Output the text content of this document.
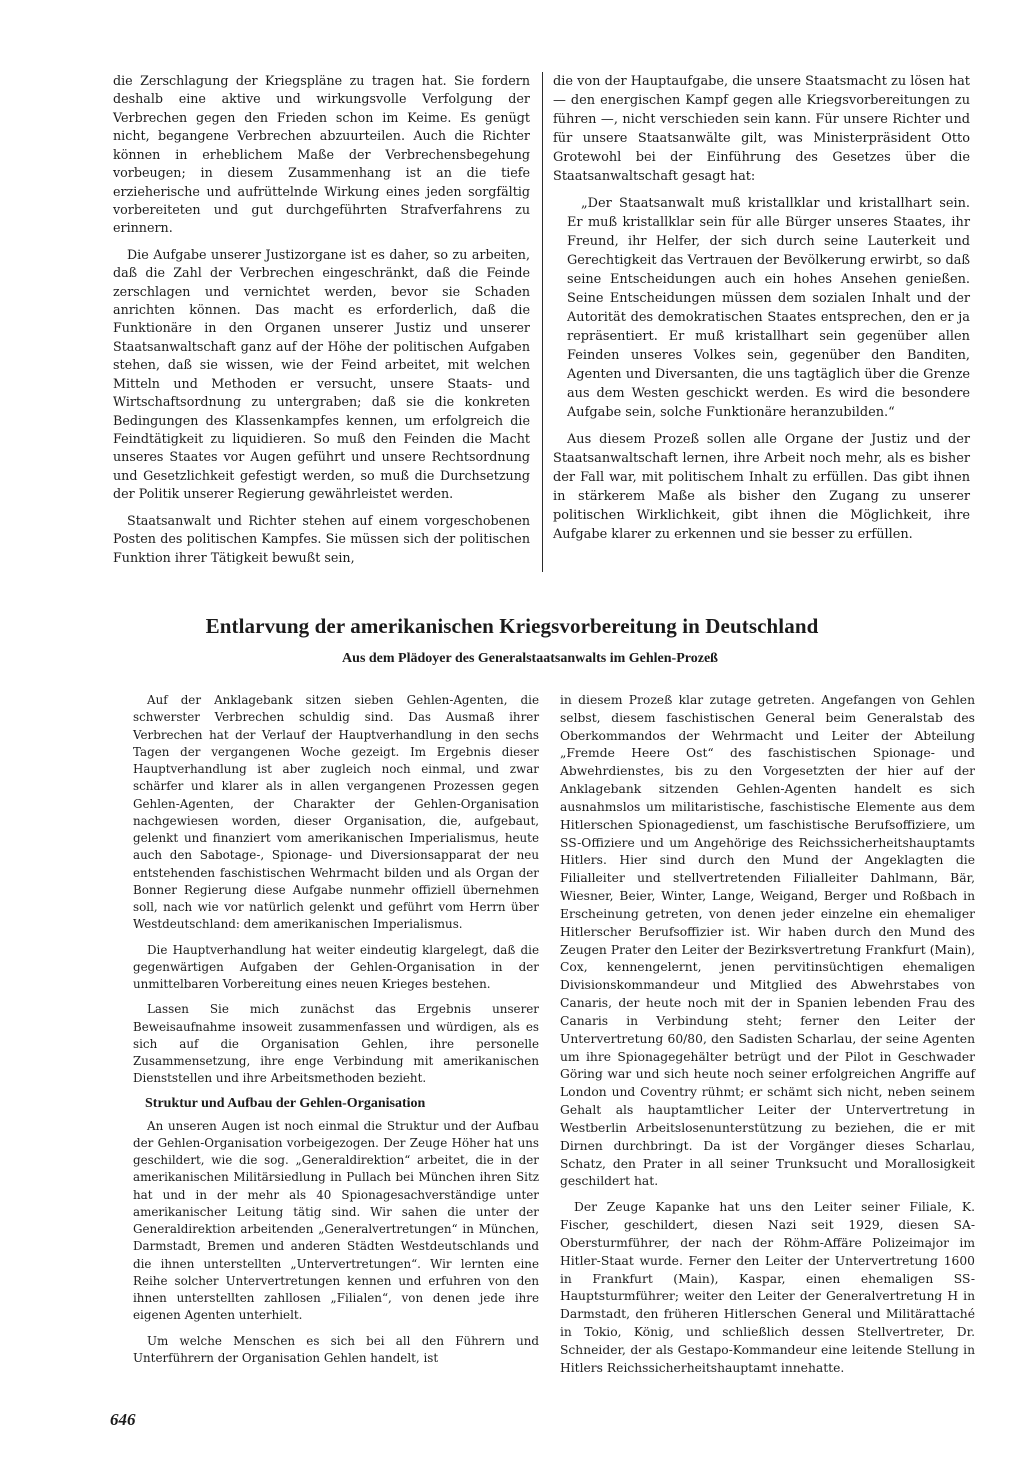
die Zerschlagung der Kriegspläne zu tragen hat. Sie fordern deshalb eine aktive und wirkungsvolle Verfolgung der Verbrechen gegen den Frieden schon im Keime. Es genügt nicht, begangene Verbrechen abzuurteilen. Auch die Richter können in erheblichem Maße der Verbrechensbegehung vorbeugen; in diesem Zusammenhang ist an die tiefe erzieherische und aufrüttelnde Wirkung eines jeden sorgfältig vorbereiteten und gut durchgeführten Strafverfahrens zu erinnern.

Die Aufgabe unserer Justizorgane ist es daher, so zu arbeiten, daß die Zahl der Verbrechen eingeschränkt, daß die Feinde zerschlagen und vernichtet werden, bevor sie Schaden anrichten können. Das macht es erforderlich, daß die Funktionäre in den Organen unserer Justiz und unserer Staatsanwaltschaft ganz auf der Höhe der politischen Aufgaben stehen, daß sie wissen, wie der Feind arbeitet, mit welchen Mitteln und Methoden er versucht, unsere Staats- und Wirtschaftsordnung zu untergraben; daß sie die konkreten Bedingungen des Klassenkampfes kennen, um erfolgreich die Feindtätigkeit zu liquidieren. So muß den Feinden die Macht unseres Staates vor Augen geführt und unsere Rechtsordnung und Gesetzlichkeit gefestigt werden, so muß die Durchsetzung der Politik unserer Regierung gewährleistet werden.

Staatsanwalt und Richter stehen auf einem vorgeschobenen Posten des politischen Kampfes. Sie müssen sich der politischen Funktion ihrer Tätigkeit bewußt sein,

die von der Hauptaufgabe, die unsere Staatsmacht zu lösen hat — den energischen Kampf gegen alle Kriegsvorbereitungen zu führen —, nicht verschieden sein kann. Für unsere Richter und für unsere Staatsanwälte gilt, was Ministerpräsident Otto Grotewohl bei der Einführung des Gesetzes über die Staatsanwaltschaft gesagt hat:

„Der Staatsanwalt muß kristallklar und kristallhart sein. Er muß kristallklar sein für alle Bürger unseres Staates, ihr Freund, ihr Helfer, der sich durch seine Lauterkeit und Gerechtigkeit das Vertrauen der Bevölkerung erwirbt, so daß seine Entscheidungen auch ein hohes Ansehen genießen. Seine Entscheidungen müssen dem sozialen Inhalt und der Autorität des demokratischen Staates entsprechen, den er ja repräsentiert. Er muß kristallhart sein gegenüber allen Feinden unseres Volkes sein, gegenüber den Banditen, Agenten und Diversanten, die uns tagtäglich über die Grenze aus dem Westen geschickt werden. Es wird die besondere Aufgabe sein, solche Funktionäre heranzubilden.“

Aus diesem Prozeß sollen alle Organe der Justiz und der Staatsanwaltschaft lernen, ihre Arbeit noch mehr, als es bisher der Fall war, mit politischem Inhalt zu erfüllen. Das gibt ihnen in stärkerem Maße als bisher den Zugang zu unserer politischen Wirklichkeit, gibt ihnen die Möglichkeit, ihre Aufgabe klarer zu erkennen und sie besser zu erfüllen.

Entlarvung der amerikanischen Kriegsvorbereitung in Deutschland
Aus dem Plädoyer des Generalstaatsanwalts im Gehlen-Prozeß

Auf der Anklagebank sitzen sieben Gehlen-Agenten, die schwerster Verbrechen schuldig sind. Das Ausmaß ihrer Verbrechen hat der Verlauf der Hauptverhandlung in den sechs Tagen der vergangenen Woche gezeigt. Im Ergebnis dieser Hauptverhandlung ist aber zugleich noch einmal, und zwar schärfer und klarer als in allen vergangenen Prozessen gegen Gehlen-Agenten, der Charakter der Gehlen-Organisation nachgewiesen worden, dieser Organisation, die, aufgebaut, gelenkt und finanziert vom amerikanischen Imperialismus, heute auch den Sabotage-, Spionage- und Diversionsapparat der neu entstehenden faschistischen Wehrmacht bilden und als Organ der Bonner Regierung diese Aufgabe nunmehr offiziell übernehmen soll, nach wie vor natürlich gelenkt und geführt vom Herrn über Westdeutschland: dem amerikanischen Imperialismus.

Die Hauptverhandlung hat weiter eindeutig klargelegt, daß die gegenwärtigen Aufgaben der Gehlen-Organisation in der unmittelbaren Vorbereitung eines neuen Krieges bestehen.

Lassen Sie mich zunächst das Ergebnis unserer Beweisaufnahme insoweit zusammenfassen und würdigen, als es sich auf die Organisation Gehlen, ihre personelle Zusammensetzung, ihre enge Verbindung mit amerikanischen Dienststellen und ihre Arbeitsmethoden bezieht.

Struktur und Aufbau der Gehlen-Organisation

An unseren Augen ist noch einmal die Struktur und der Aufbau der Gehlen-Organisation vorbeigezogen. Der Zeuge Höher hat uns geschildert, wie die sog. „Generaldirektion“ arbeitet, die in der amerikanischen Militärsiedlung in Pullach bei München ihren Sitz hat und in der mehr als 40 Spionagesachverständige unter amerikanischer Leitung tätig sind. Wir sahen die unter der Generaldirektion arbeitenden „Generalvertretungen“ in München, Darmstadt, Bremen und anderen Städten Westdeutschlands und die ihnen unterstellten „Untervertretungen“. Wir lernten eine Reihe solcher Untervertretungen kennen und erfuhren von den ihnen unterstellten zahllosen „Filialen“, von denen jede ihre eigenen Agenten unterhielt.

Um welche Menschen es sich bei all den Führern und Unterführern der Organisation Gehlen handelt, ist

in diesem Prozeß klar zutage getreten. Angefangen von Gehlen selbst, diesem faschistischen General beim Generalstab des Oberkommandos der Wehrmacht und Leiter der Abteilung „Fremde Heere Ost“ des faschistischen Spionage- und Abwehrdienstes, bis zu den Vorgesetzten der hier auf der Anklagebank sitzenden Gehlen-Agenten handelt es sich ausnahmslos um militaristische, faschistische Elemente aus dem Hitlerschen Spionagedienst, um faschistische Berufsoffiziere, um SS-Offiziere und um Angehörige des Reichssicherheitshauptamts Hitlers. Hier sind durch den Mund der Angeklagten die Filialleiter und stellvertretenden Filialleiter Dahlmann, Bär, Wiesner, Beier, Winter, Lange, Weigand, Berger und Roßbach in Erscheinung getreten, von denen jeder einzelne ein ehemaliger Hitlerscher Berufsoffizier ist. Wir haben durch den Mund des Zeugen Prater den Leiter der Bezirksvertretung Frankfurt (Main), Cox, kennengelernt, jenen pervitinsüchtigen ehemaligen Divisionskommandeur und Mitglied des Abwehrstabes von Canaris, der heute noch mit der in Spanien lebenden Frau des Canaris in Verbindung steht; ferner den Leiter der Untervertretung 60/80, den Sadisten Scharlau, der seine Agenten um ihre Spionagegehälter betrügt und der Pilot in Geschwader Göring war und sich heute noch seiner erfolgreichen Angriffe auf London und Coventry rühmt; er schämt sich nicht, neben seinem Gehalt als hauptamtlicher Leiter der Untervertretung in Westberlin Arbeitslosenunterstützung zu beziehen, die er mit Dirnen durchbringt. Da ist der Vorgänger dieses Scharlau, Schatz, den Prater in all seiner Trunksucht und Morallosigkeit geschildert hat.

Der Zeuge Kapanke hat uns den Leiter seiner Filiale, K. Fischer, geschildert, diesen Nazi seit 1929, diesen SA-Obersturmführer, der nach der Röhm-Affäre Polizeimajor im Hitler-Staat wurde. Ferner den Leiter der Untervertretung 1600 in Frankfurt (Main), Kaspar, einen ehemaligen SS-Hauptsturmführer; weiter den Leiter der Generalvertretung H in Darmstadt, den früheren Hitlerschen General und Militärattaché in Tokio, König, und schließlich dessen Stellvertreter, Dr. Schneider, der als Gestapo-Kommandeur eine leitende Stellung in Hitlers Reichssicherheitshauptamt innehatte.

646
